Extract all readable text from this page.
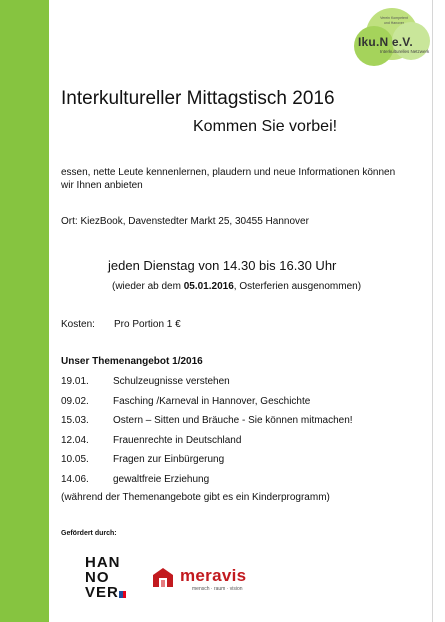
Verein Kompetent und Hanover
Iku.N e.V.
Interkulturelles Netzwerk
Interkultureller Mittagstisch 2016
Kommen Sie vorbei!
essen, nette Leute kennenlernen, plaudern und neue Informationen können wir Ihnen anbieten
Ort: KiezBook, Davenstedter Markt 25, 30455 Hannover
jeden Dienstag von 14.30 bis 16.30 Uhr
(wieder ab dem 05.01.2016, Osterferien ausgenommen)
Kosten: Pro Portion 1 €
Unser Themenangebot 1/2016
19.01. Schulzeugnisse verstehen
09.02. Fasching /Karneval in Hannover, Geschichte
15.03. Ostern – Sitten und Bräuche - Sie können mitmachen!
12.04. Frauenrechte in Deutschland
10.05. Fragen zur Einbürgerung
14.06. gewaltfreie Erziehung
(während der Themenangebote gibt es ein Kinderprogramm)
Gefördert durch:
HAN
NO
VER
meravis
mensch · raum · vision
